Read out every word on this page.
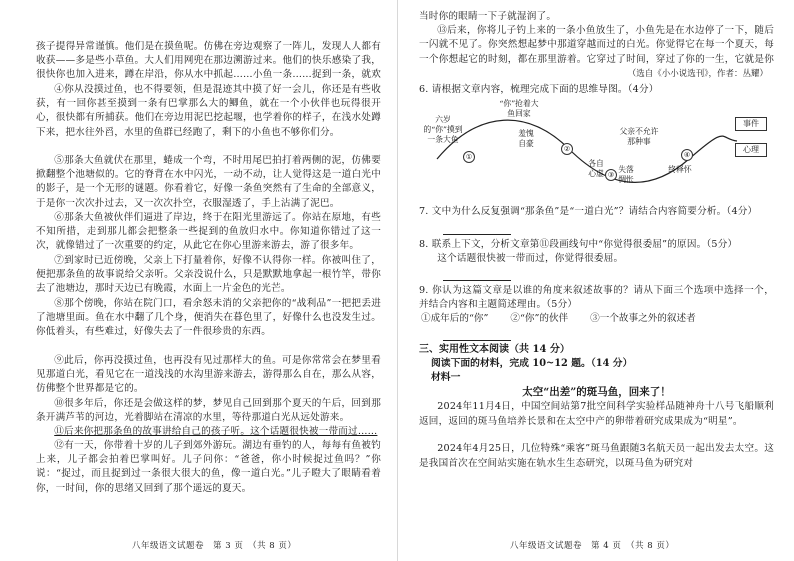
孩子提得异常谨慎。他们是在摸鱼呢。仿佛在旁边观察了一阵儿，发现人人都有收获——多是些小草鱼。大人们用网兜在那边溯游过来。他们的快乐感染了我，很快你也加入进来，蹲在岸沿，你从水中抓起……小鱼一条……捉到一条，就欢

④你从没摸过鱼，也不得要领，但是混迹其中摸了好一会儿，你还是有些收获，有一回你甚至摸到一条有巴掌那么大的鲫鱼，就在一个小伙伴也玩得很开心，很快都有所捕获。他们在旁边用泥巴挖起堰，也学着你的样子，在浅水处蹲下来，把水往外舀，水里的鱼群已经跑了，剩下的小鱼也不够你们分。

⑤那条大鱼就伏在那里，蜷成一个弯，不时用尾巴拍打着两侧的泥，仿佛要掀翻整个池塘似的。它的脊背在水中闪光，一动不动，让人觉得这是一道白光中的影子，是一个无形的谜题。你看着它，好像一条鱼突然有了生命的全部意义，于是你一次次扑过去，又一次次扑空，衣服湿透了，手上沾满了泥巴。

⑥那条大鱼被伙伴们逼进了岸边，终于在阳光里游远了。你站在原地，有些不知所措，走到那儿都会把整条一些捉到的鱼放归水中。你知道你错过了这一次，就像错过了一次重要的约定，从此它在你心里游来游去，游了很多年。

⑦到家时已近傍晚，父亲上下打量着你，好像不认得你一样。你被叫住了，便把那条鱼的故事说给父亲听。父亲没说什么，只是默默地拿起一根竹竿，带你去了池塘边，那时天边已有晚霞，水面上一片金色的光芒。

⑧那个傍晚，你站在院门口，看余怒未消的父亲把你的“战利品”一把把丢进了池塘里面。鱼在水中翻了几个身，便消失在暮色里了，好像什么也没发生过。你低着头，有些难过，好像失去了一件很珍贵的东西。

⑨此后，你再没摸过鱼，也再没有见过那样大的鱼。可是你常常会在梦里看见那道白光，看见它在一道浅浅的水沟里游来游去，游得那么自在，那么从容，仿佛整个世界都是它的。

⑩很多年后，你还是会做这样的梦，梦见自己回到那个夏天的午后，回到那条开满芦苇的河边，光着脚站在清凉的水里，等待那道白光从远处游来。

⑪后来你把那条鱼的故事讲给自己的孩子听。这个话题很快被一带而过……

⑫有一天，你带着十岁的儿子到郊外游玩。湖边有垂钓的人，每每有鱼被钓上来，儿子都会拍着巴掌叫好。儿子问你：“爸爸，你小时候捉过鱼吗？”你说：“捉过，而且捉到过一条很大很大的鱼，像一道白光。”儿子瞪大了眼睛看着你，一时间，你的思绪又回到了那个遥远的夏天。

八年级语文试题卷　第 3 页　（共 8 页）

当时你的眼睛一下子就湿润了。

⑬后来，你将儿子钓上来的一条小鱼放生了，小鱼先是在水边停了一下，随后一闪就不见了。你突然想起梦中那道穿越而过的白光。你觉得它在每一个夏天，每一个你想起它的时刻，都在那里游着。它穿过了时间，穿过了你的一生，它就是你

（选自《小小说选刊》，作者：丛耀）

6. 请根据文章内容，梳理完成下面的思维导图。（4分）

六岁的“你”摸到一条大鱼
“你”抢着大鱼回家
羞愧自豪
父亲不允许那种事
①
②
③
④
各自心虚	失落惆怅
终释怀
事件
心理

7. 文中为什么反复强调“那条鱼”是“一道白光”？请结合内容简要分析。（4分）

8. 联系上下文，分析文章第⑪段画线句中“你觉得很委屈”的原因。（5分）

这个话题很快被一带而过，你觉得很委屈。

9. 你认为这篇文章是以谁的角度来叙述故事的？请从下面三个选项中选择一个，并结合内容和主题简述理由。（5分）

①成年后的“你” ②“你”的伙伴 ③一个故事之外的叙述者
三、实用性文本阅读（共 14 分）
阅读下面的材料，完成 10~12 题。（14 分）
材料一
太空“出差”的斑马鱼，回来了！

2024年11月4日，中国空间站第7批空间科学实验样品随神舟十八号飞船顺利返回，返回的斑马鱼培养长景和在太空中产的卵带着研究成果成为“明星”。

2024年4月25日，几位特殊“乘客”斑马鱼跟随3名航天员一起出发去太空。这是我国首次在空间站实施在轨水生生态研究，以斑马鱼为研究对

八年级语文试题卷　第 4 页　（共 8 页）
